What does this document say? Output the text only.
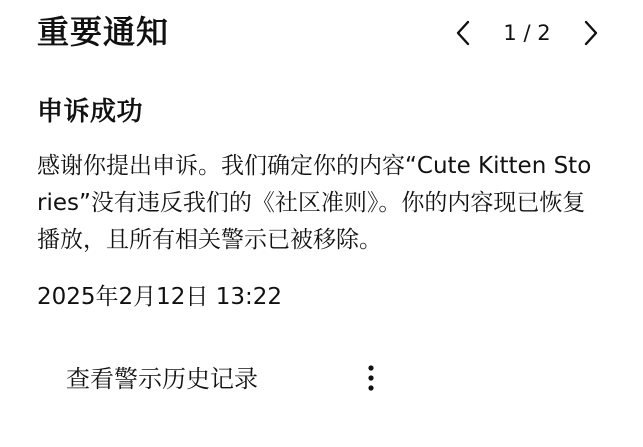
重要通知	1 / 2
申诉成功
感谢你提出申诉。我们确定你的内容“Cute Kitten Stories”没有违反我们的《社区准则》。你的内容现已恢复播放，且所有相关警示已被移除。
2025年2月12日 13:22
查看警示历史记录
